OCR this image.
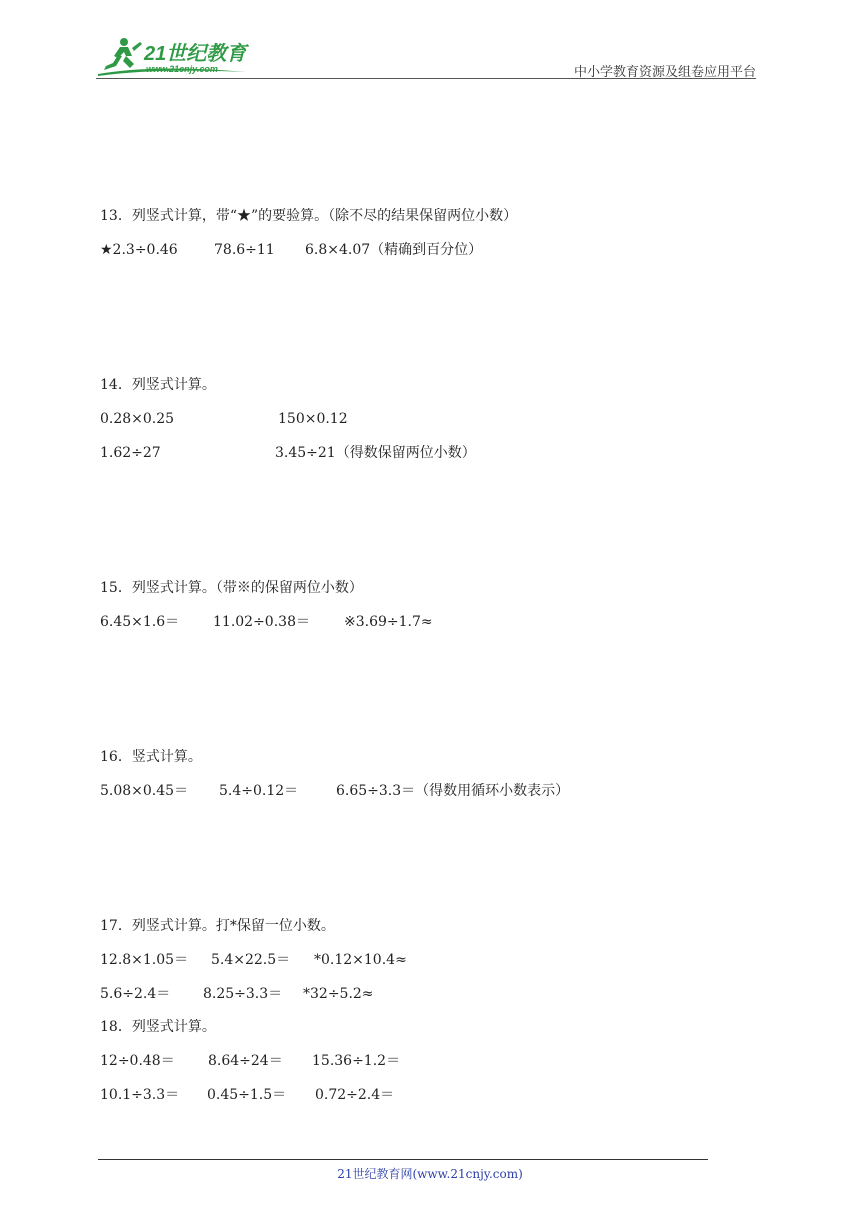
21世纪教育
www.21cnjy.com	中小学教育资源及组卷应用平台
13．列竖式计算，带“★”的要验算。（除不尽的结果保留两位小数）
★2.3÷0.46	78.6÷11 6.8×4.07（精确到百分位）
14．列竖式计算。
0.28×0.25	150×0.12
1.62÷27	3.45÷21（得数保留两位小数）
15．列竖式计算。（带※的保留两位小数）
6.45×1.6＝ 11.02÷0.38＝ ※3.69÷1.7≈
16．竖式计算。
5.08×0.45＝ 5.4÷0.12＝	6.65÷3.3＝（得数用循环小数表示）
17．列竖式计算。打*保留一位小数。
12.8×1.05＝ 5.4×22.5＝ *0.12×10.4≈
5.6÷2.4＝ 8.25÷3.3＝ *32÷5.2≈
18．列竖式计算。
12÷0.48＝ 8.64÷24＝ 15.36÷1.2＝
10.1÷3.3＝ 0.45÷1.5＝ 0.72÷2.4＝
21世纪教育网(www.21cnjy.com)
